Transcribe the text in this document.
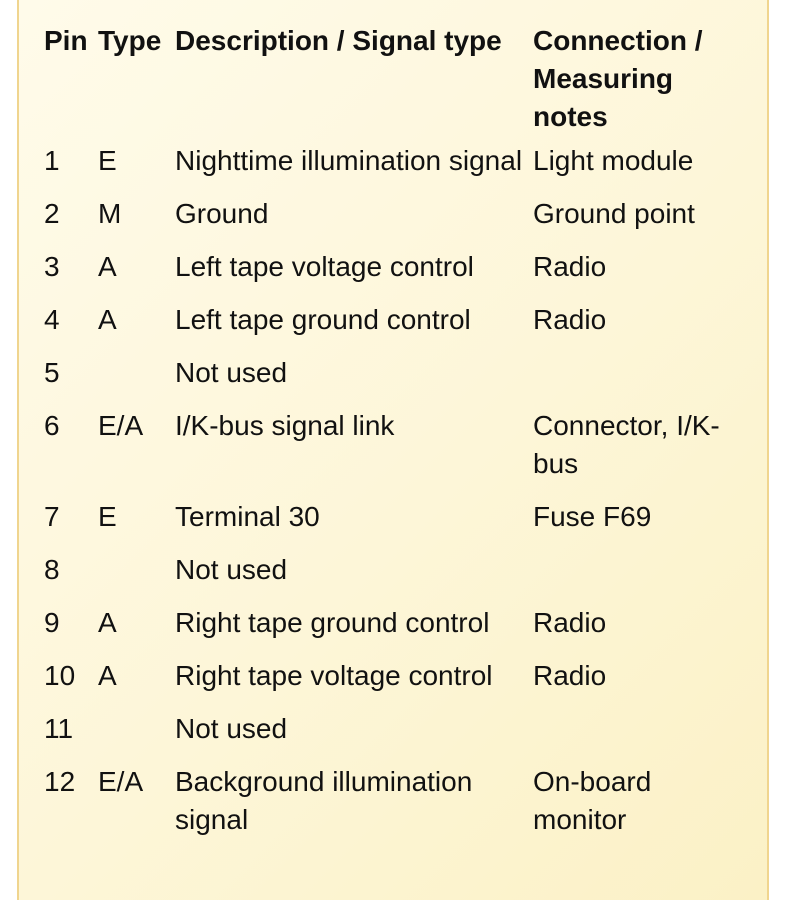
Pin	Type	Description / Signal type	Connection / Measuring notes
1	E	Nighttime illumination signal	Light module
2	M	Ground	Ground point
3	A	Left tape voltage control	Radio
4	A	Left tape ground control	Radio
5		Not used	
6	E/A	I/K-bus signal link	Connector, I/K-bus
7	E	Terminal 30	Fuse F69
8		Not used	
9	A	Right tape ground control	Radio
10	A	Right tape voltage control	Radio
11		Not used	
12	E/A	Background illumination signal	On-board monitor
